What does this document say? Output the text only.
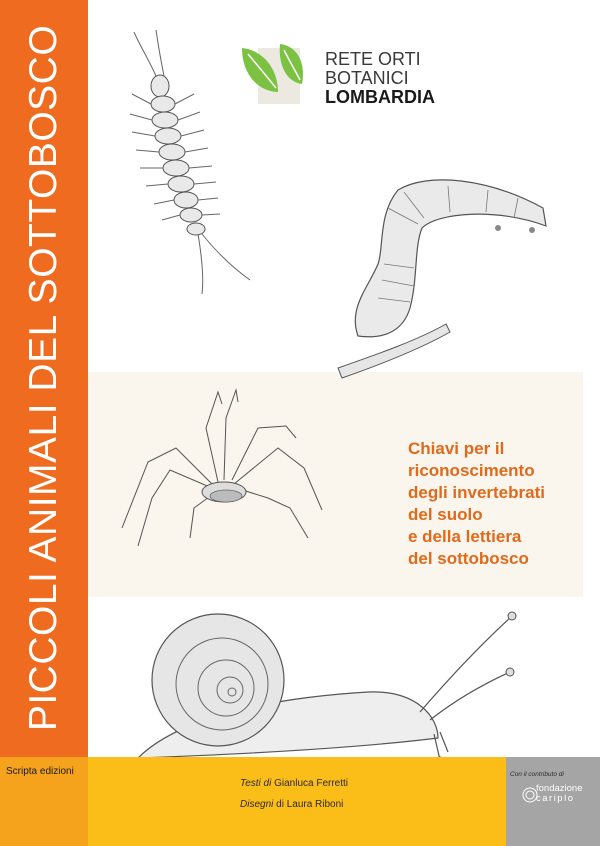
PICCOLI ANIMALI DEL SOTTOBOSCO
Scripta edizioni
RETE ORTI
BOTANICI
LOMBARDIA
Chiavi per il
riconoscimento
degli invertebrati
del suolo
e della lettiera
del sottobosco
Testi di Gianluca Ferretti
Disegni di Laura Riboni
Con il contributo di
fondazione
cariplo
